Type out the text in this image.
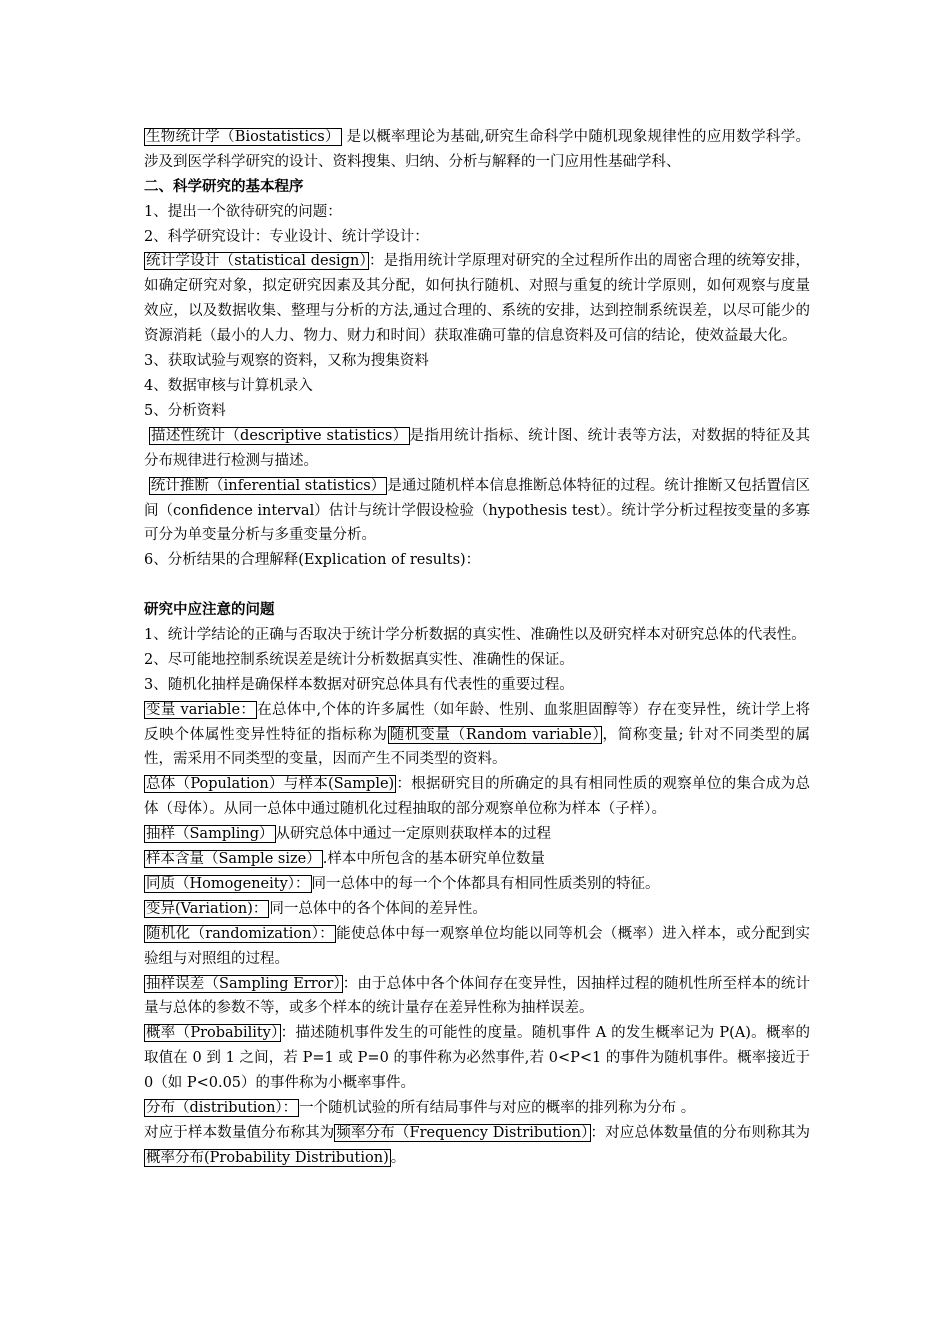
生物统计学（Biostatistics） 是以概率理论为基础,研究生命科学中随机现象规律性的应用数学科学。涉及到医学科学研究的设计、资料搜集、归纳、分析与解释的一门应用性基础学科、
二、科学研究的基本程序
1、提出一个欲待研究的问题：
2、科学研究设计：专业设计、统计学设计：
统计学设计（statistical design） ：是指用统计学原理对研究的全过程所作出的周密合理的统筹安排，如确定研究对象，拟定研究因素及其分配，如何执行随机、对照与重复的统计学原则，如何观察与度量效应，以及数据收集、整理与分析的方法,通过合理的、系统的安排，达到控制系统误差，以尽可能少的资源消耗（最小的人力、物力、财力和时间）获取准确可靠的信息资料及可信的结论，使效益最大化。
3、获取试验与观察的资料，又称为搜集资料
4、数据审核与计算机录入
5、分析资料
描述性统计（descriptive statistics） 是指用统计指标、统计图、统计表等方法，对数据的特征及其分布规律进行检测与描述。
统计推断（inferential statistics） 是通过随机样本信息推断总体特征的过程。统计推断又包括置信区间（confidence interval）估计与统计学假设检验（hypothesis test）。统计学分析过程按变量的多寡可分为单变量分析与多重变量分析。
6、分析结果的合理解释(Explication of results)：
研究中应注意的问题
1、统计学结论的正确与否取决于统计学分析数据的真实性、准确性以及研究样本对研究总体的代表性。
2、尽可能地控制系统误差是统计分析数据真实性、准确性的保证。
3、随机化抽样是确保样本数据对研究总体具有代表性的重要过程。
变量 variable： 在总体中,个体的许多属性（如年龄、性别、血浆胆固醇等）存在变异性，统计学上将反映个体属性变异性特征的指标称为 随机变量（Random variable） ，简称变量; 针对不同类型的属性，需采用不同类型的变量，因而产生不同类型的资料。
总体（Population）与样本(Sample) ：根据研究目的所确定的具有相同性质的观察单位的集合成为总体（母体）。从同一总体中通过随机化过程抽取的部分观察单位称为样本（子样）。
抽样（Sampling） 从研究总体中通过一定原则获取样本的过程
样本含量（Sample size） .样本中所包含的基本研究单位数量
同质（Homogeneity）： 同一总体中的每一个个体都具有相同性质类别的特征。
变异(Variation)： 同一总体中的各个体间的差异性。
随机化（randomization）： 能使总体中每一观察单位均能以同等机会（概率）进入样本，或分配到实验组与对照组的过程。
抽样误差（Sampling Error） ：由于总体中各个体间存在变异性，因抽样过程的随机性所至样本的统计量与总体的参数不等，或多个样本的统计量存在差异性称为抽样误差。
概率（Probability） ：描述随机事件发生的可能性的度量。随机事件 A 的发生概率记为 P(A)。概率的取值在 0 到 1 之间，若 P=1 或 P=0 的事件称为必然事件,若 0<P<1 的事件为随机事件。概率接近于 0（如 P<0.05）的事件称为小概率事件。
分布（distribution）： 一个随机试验的所有结局事件与对应的概率的排列称为分布 。
对应于样本数量值分布称其为 频率分布（Frequency Distribution） ：对应总体数量值的分布则称其为概率分布(Probability Distribution) 。
